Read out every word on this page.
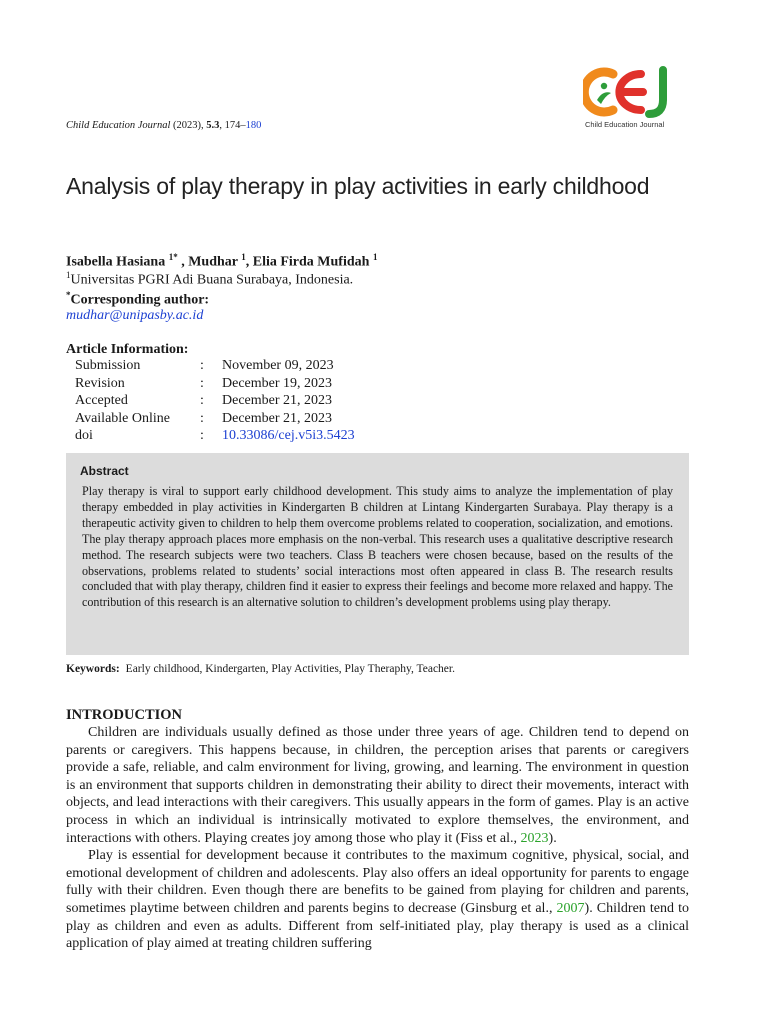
Child Education Journal (2023), 5.3, 174–180	Child Education Journal
Analysis of play therapy in play activities in early childhood
Isabella Hasiana $^{1*}$ , Mudhar $^1$, Elia Firda Mufidah $^1$
$^1$Universitas PGRI Adi Buana Surabaya, Indonesia.
*Corresponding author:
mudhar@unipasby.ac.id
Article Information:
Submission	:	November 09, 2023
Revision	:	December 19, 2023
Accepted	:	December 21, 2023
Available Online	:	December 21, 2023
doi	:	10.33086/cej.v5i3.5423
Abstract
Play therapy is viral to support early childhood development. This study aims to analyze the implementation of play therapy embedded in play activities in Kindergarten B children at Lintang Kindergarten Surabaya. Play therapy is a therapeutic activity given to children to help them overcome problems related to cooperation, socialization, and emotions. The play therapy approach places more emphasis on the non-verbal. This research uses a qualitative descriptive research method. The research subjects were two teachers. Class B teachers were chosen because, based on the results of the observations, problems related to students’ social interactions most often appeared in class B. The research results concluded that with play therapy, children find it easier to express their feelings and become more relaxed and happy. The contribution of this research is an alternative solution to children’s development problems using play therapy.
Keywords: Early childhood, Kindergarten, Play Activities, Play Theraphy, Teacher.
INTRODUCTION

Children are individuals usually defined as those under three years of age. Children tend to depend on parents or caregivers. This happens because, in children, the perception arises that parents or caregivers provide a safe, reliable, and calm environment for living, growing, and learning. The environment in question is an environment that supports children in demonstrating their ability to direct their movements, interact with objects, and lead interactions with their caregivers. This usually appears in the form of games. Play is an active process in which an individual is intrinsically motivated to explore themselves, the environment, and interactions with others. Playing creates joy among those who play it (Fiss et al., 2023).

Play is essential for development because it contributes to the maximum cognitive, physical, social, and emotional development of children and adolescents. Play also offers an ideal opportunity for parents to engage fully with their children. Even though there are benefits to be gained from playing for children and parents, sometimes playtime between children and parents begins to decrease (Ginsburg et al., 2007). Children tend to play as children and even as adults. Different from self-initiated play, play therapy is used as a clinical application of play aimed at treating children suffering
